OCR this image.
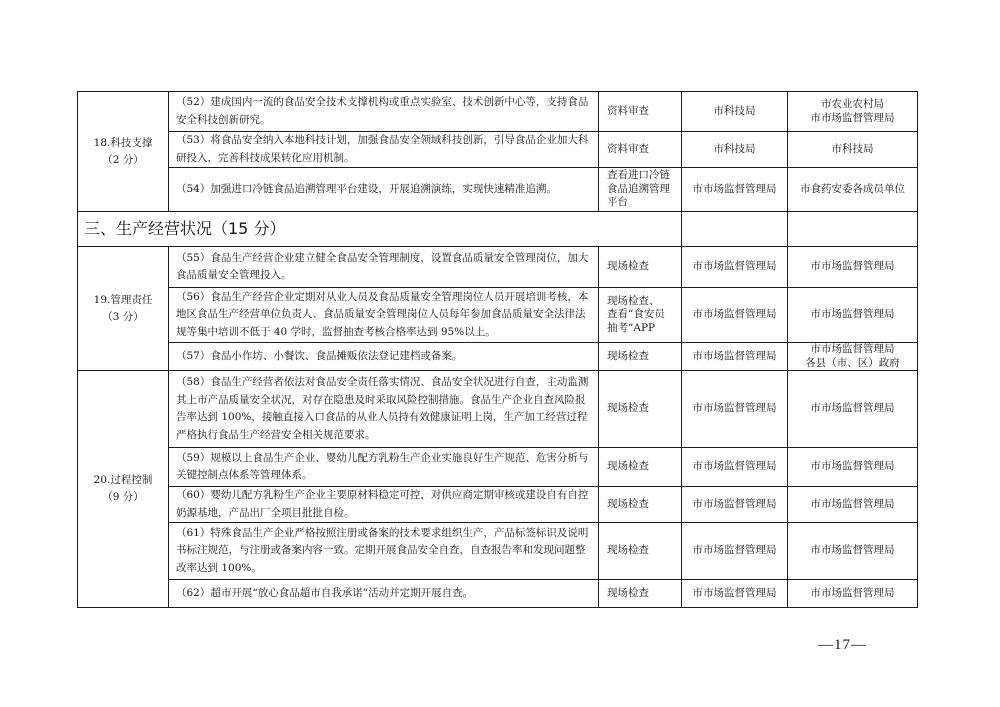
18.科技支撑
（2 分）	（52）建成国内一流的食品安全技术支撑机构或重点实验室、技术创新中心等，支持食品安全科技创新研究。	资料审查	市科技局	市农业农村局
市市场监督管理局
	（53）将食品安全纳入本地科技计划，加强食品安全领域科技创新，引导食品企业加大科研投入，完善科技成果转化应用机制。	资料审查	市科技局	市科技局
	（54）加强进口冷链食品追溯管理平台建设，开展追溯演练，实现快速精准追溯。	查看进口冷链
食品追溯管理
平台	市市场监督管理局	市食药安委各成员单位
三、生产经营状况（15 分）				
19.管理责任
（3 分）	（55）食品生产经营企业建立健全食品安全管理制度，设置食品质量安全管理岗位，加大食品质量安全管理投入。	现场检查	市市场监督管理局	市市场监督管理局
	（56）食品生产经营企业定期对从业人员及食品质量安全管理岗位人员开展培训考核，本地区食品生产经营单位负责人、食品质量安全管理岗位人员每年参加食品质量安全法律法规等集中培训不低于 40 学时，监督抽查考核合格率达到 95%以上。	现场检查、
查看“食安员
抽考”APP	市市场监督管理局	市市场监督管理局
	（57）食品小作坊、小餐饮、食品摊贩依法登记建档或备案。	现场检查	市市场监督管理局	市市场监督管理局
各县（市、区）政府
20.过程控制
（9 分）	（58）食品生产经营者依法对食品安全责任落实情况、食品安全状况进行自查，主动监测其上市产品质量安全状况，对存在隐患及时采取风险控制措施。食品生产企业自查风险报告率达到 100%，接触直接入口食品的从业人员持有效健康证明上岗，生产加工经营过程严格执行食品生产经营安全相关规范要求。	现场检查	市市场监督管理局	市市场监督管理局
	（59）规模以上食品生产企业、婴幼儿配方乳粉生产企业实施良好生产规范、危害分析与关键控制点体系等管理体系。	现场检查	市市场监督管理局	市市场监督管理局
	（60）婴幼儿配方乳粉生产企业主要原材料稳定可控，对供应商定期审核或建设自有自控奶源基地，产品出厂全项目批批自检。	现场检查	市市场监督管理局	市市场监督管理局
	（61）特殊食品生产企业严格按照注册或备案的技术要求组织生产，产品标签标识及说明书标注规范，与注册或备案内容一致。定期开展食品安全自查，自查报告率和发现问题整改率达到 100%。	现场检查	市市场监督管理局	市市场监督管理局
	（62）超市开展“放心食品超市自我承诺”活动并定期开展自查。	现场检查	市市场监督管理局	市市场监督管理局
—17—
